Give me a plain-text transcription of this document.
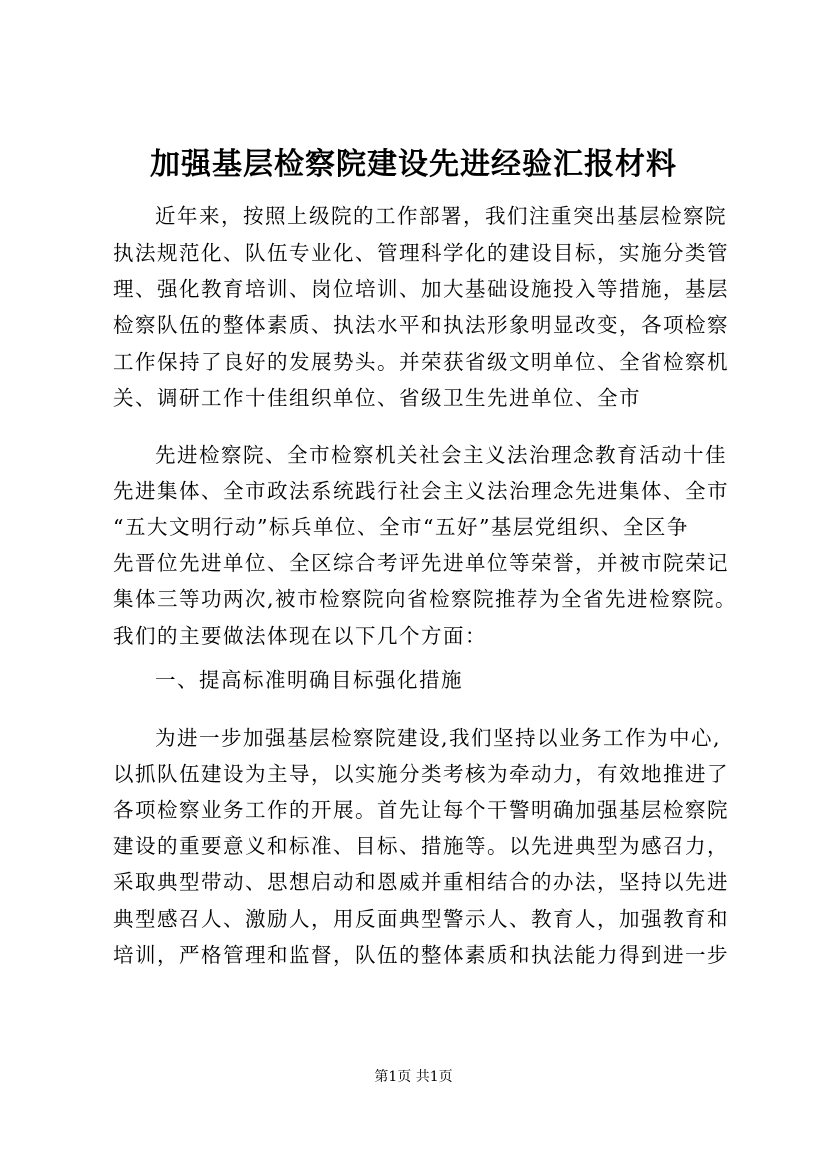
加强基层检察院建设先进经验汇报材料
近年来，按照上级院的工作部署，我们注重突出基层检察院
执法规范化、队伍专业化、管理科学化的建设目标，实施分类管
理、强化教育培训、岗位培训、加大基础设施投入等措施，基层
检察队伍的整体素质、执法水平和执法形象明显改变，各项检察
工作保持了良好的发展势头。并荣获省级文明单位、全省检察机
关、调研工作十佳组织单位、省级卫生先进单位、全市
先进检察院、全市检察机关社会主义法治理念教育活动十佳
先进集体、全市政法系统践行社会主义法治理念先进集体、全市
“五大文明行动”标兵单位、全市“五好”基层党组织、全区争
先晋位先进单位、全区综合考评先进单位等荣誉，并被市院荣记
集体三等功两次,被市检察院向省检察院推荐为全省先进检察院。
我们的主要做法体现在以下几个方面：
一、提高标准明确目标强化措施
为进一步加强基层检察院建设,我们坚持以业务工作为中心,
以抓队伍建设为主导，以实施分类考核为牵动力，有效地推进了
各项检察业务工作的开展。首先让每个干警明确加强基层检察院
建设的重要意义和标准、目标、措施等。以先进典型为感召力，
采取典型带动、思想启动和恩威并重相结合的办法，坚持以先进
典型感召人、激励人，用反面典型警示人、教育人，加强教育和
培训，严格管理和监督，队伍的整体素质和执法能力得到进一步
第1页 共1页
